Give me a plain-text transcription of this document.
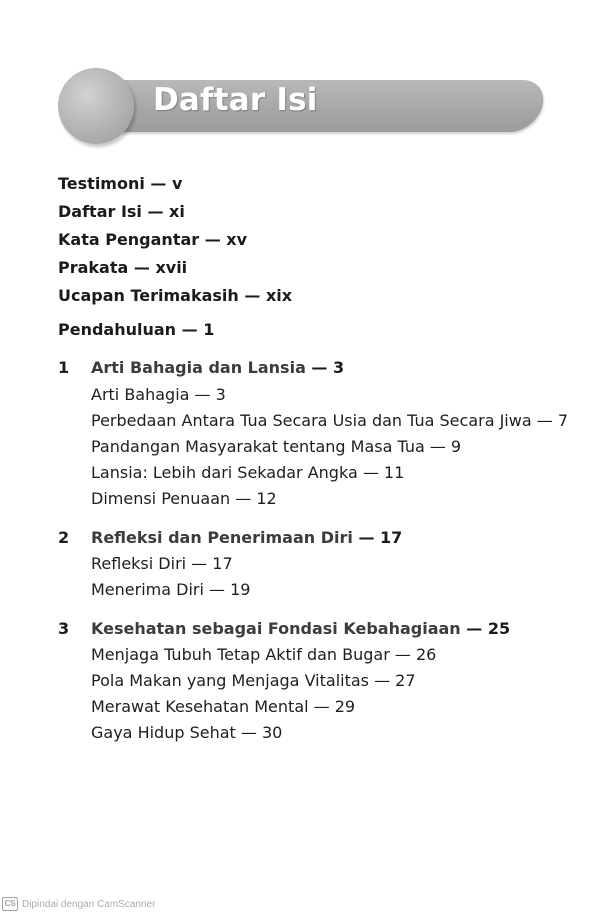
Daftar Isi
Testimoni — v
Daftar Isi — xi
Kata Pengantar — xv
Prakata — xvii
Ucapan Terimakasih — xix
Pendahuluan — 1
1 Arti Bahagia dan Lansia — 3
Arti Bahagia — 3
Perbedaan Antara Tua Secara Usia dan Tua Secara Jiwa — 7
Pandangan Masyarakat tentang Masa Tua — 9
Lansia: Lebih dari Sekadar Angka — 11
Dimensi Penuaan — 12
2 Refleksi dan Penerimaan Diri — 17
Refleksi Diri — 17
Menerima Diri — 19
3 Kesehatan sebagai Fondasi Kebahagiaan — 25
Menjaga Tubuh Tetap Aktif dan Bugar — 26
Pola Makan yang Menjaga Vitalitas — 27
Merawat Kesehatan Mental — 29
Gaya Hidup Sehat — 30
CS Dipindai dengan CamScanner
